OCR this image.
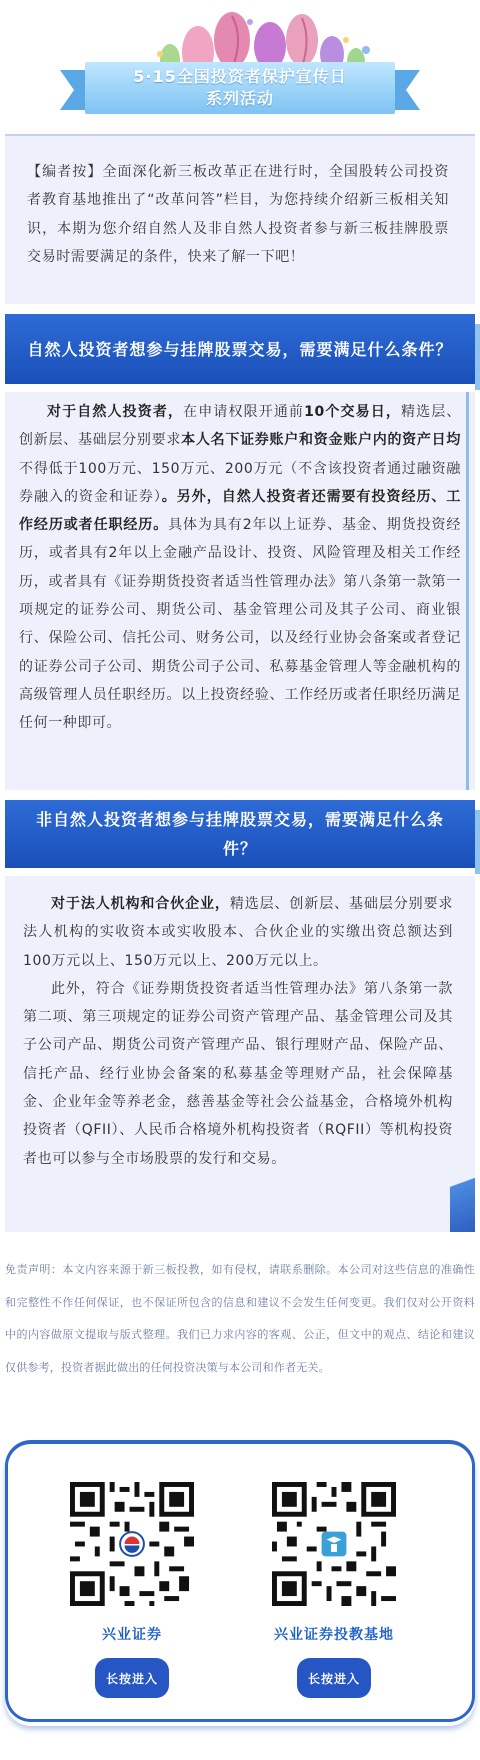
5·15全国投资者保护宣传日
系列活动

【编者按】全面深化新三板改革正在进行时，全国股转公司投资者教育基地推出了“改革问答”栏目，为您持续介绍新三板相关知识，本期为您介绍自然人及非自然人投资者参与新三板挂牌股票交易时需要满足的条件，快来了解一下吧！

自然人投资者想参与挂牌股票交易，需要满足什么条件？

对于自然人投资者，在申请权限开通前10个交易日，精选层、创新层、基础层分别要求本人名下证券账户和资金账户内的资产日均不得低于100万元、150万元、200万元（不含该投资者通过融资融券融入的资金和证券）。另外，自然人投资者还需要有投资经历、工作经历或者任职经历。具体为具有2年以上证券、基金、期货投资经历，或者具有2年以上金融产品设计、投资、风险管理及相关工作经历，或者具有《证券期货投资者适当性管理办法》第八条第一款第一项规定的证券公司、期货公司、基金管理公司及其子公司、商业银行、保险公司、信托公司、财务公司，以及经行业协会备案或者登记的证券公司子公司、期货公司子公司、私募基金管理人等金融机构的高级管理人员任职经历。以上投资经验、工作经历或者任职经历满足任何一种即可。

非自然人投资者想参与挂牌股票交易，需要满足什么条件？

对于法人机构和合伙企业，精选层、创新层、基础层分别要求法人机构的实收资本或实收股本、合伙企业的实缴出资总额达到100万元以上、150万元以上、200万元以上。

此外，符合《证券期货投资者适当性管理办法》第八条第一款第二项、第三项规定的证券公司资产管理产品、基金管理公司及其子公司产品、期货公司资产管理产品、银行理财产品、保险产品、信托产品、经行业协会备案的私募基金等理财产品，社会保障基金、企业年金等养老金，慈善基金等社会公益基金，合格境外机构投资者（QFII）、人民币合格境外机构投资者（RQFII）等机构投资者也可以参与全市场股票的发行和交易。

免责声明：本文内容来源于新三板投教，如有侵权，请联系删除。本公司对这些信息的准确性和完整性不作任何保证，也不保证所包含的信息和建议不会发生任何变更。我们仅对公开资料中的内容做原文提取与版式整理。我们已力求内容的客观、公正，但文中的观点、结论和建议仅供参考，投资者据此做出的任何投资决策与本公司和作者无关。

兴业证券	兴业证券投教基地
长按进入	长按进入
